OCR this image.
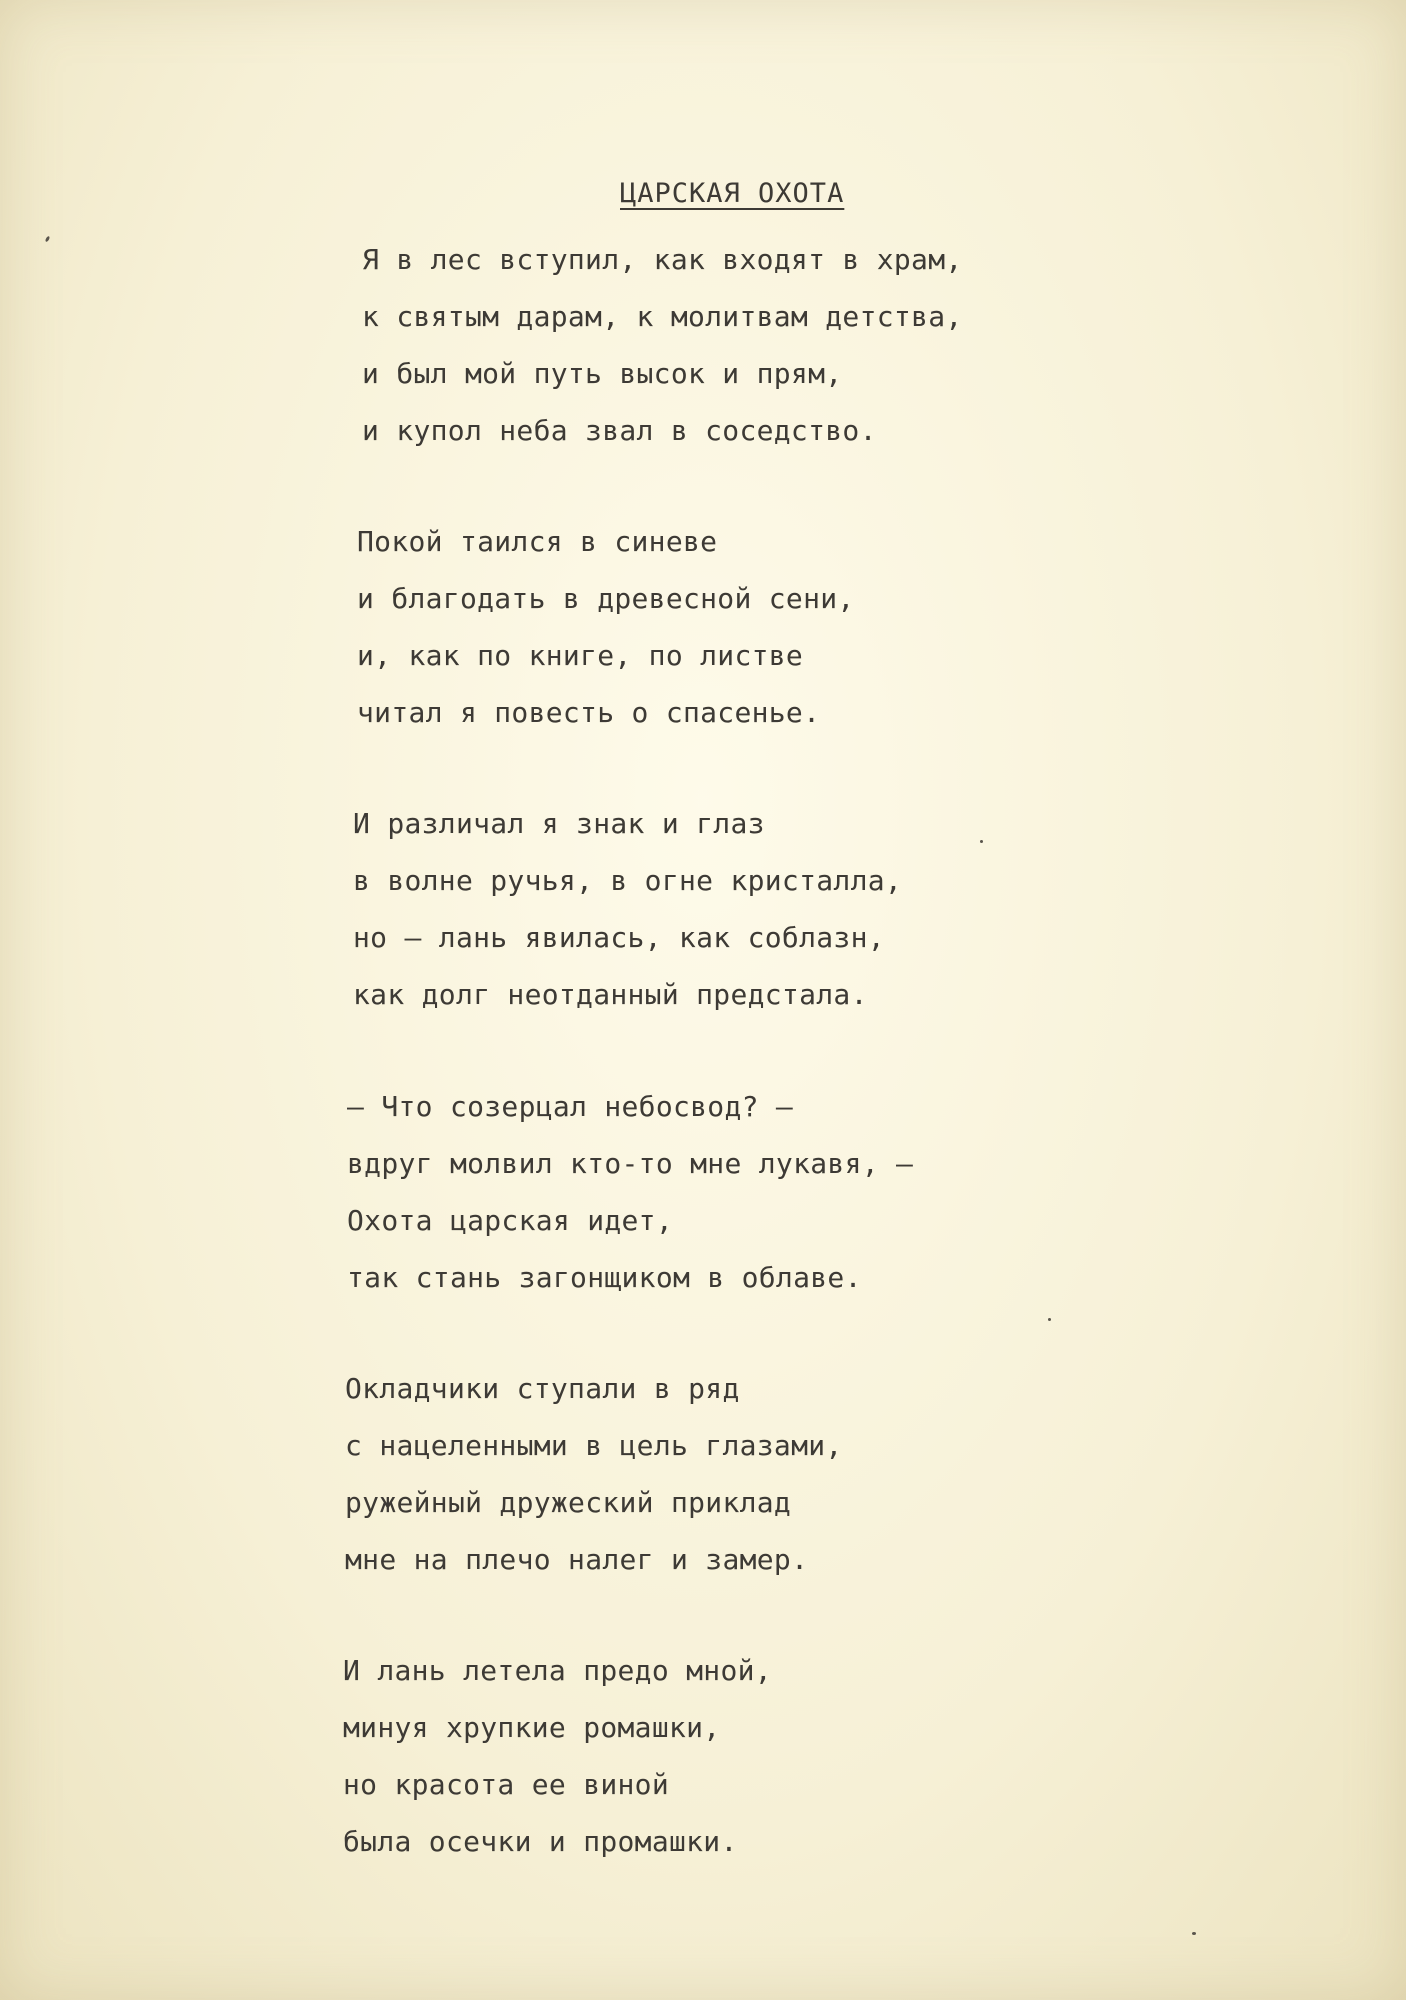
ЦАРСКАЯ ОХОТА
Я в лес вступил, как входят в храм,
к святым дарам, к молитвам детства,
и был мой путь высок и прям,
и купол неба звал в соседство.
Покой таился в синеве
и благодать в древесной сени,
и, как по книге, по листве
читал я повесть о спасенье.
И различал я знак и глаз
в волне ручья, в огне кристалла,
но – лань явилась, как соблазн,
как долг неотданный предстала.
– Что созерцал небосвод? –
вдруг молвил кто-то мне лукавя, –
Охота царская идет,
так стань загонщиком в облаве.
Окладчики ступали в ряд
с нацеленными в цель глазами,
ружейный дружеский приклад
мне на плечо налег и замер.
И лань летела предо мной,
минуя хрупкие ромашки,
но красота ее виной
была осечки и промашки.
